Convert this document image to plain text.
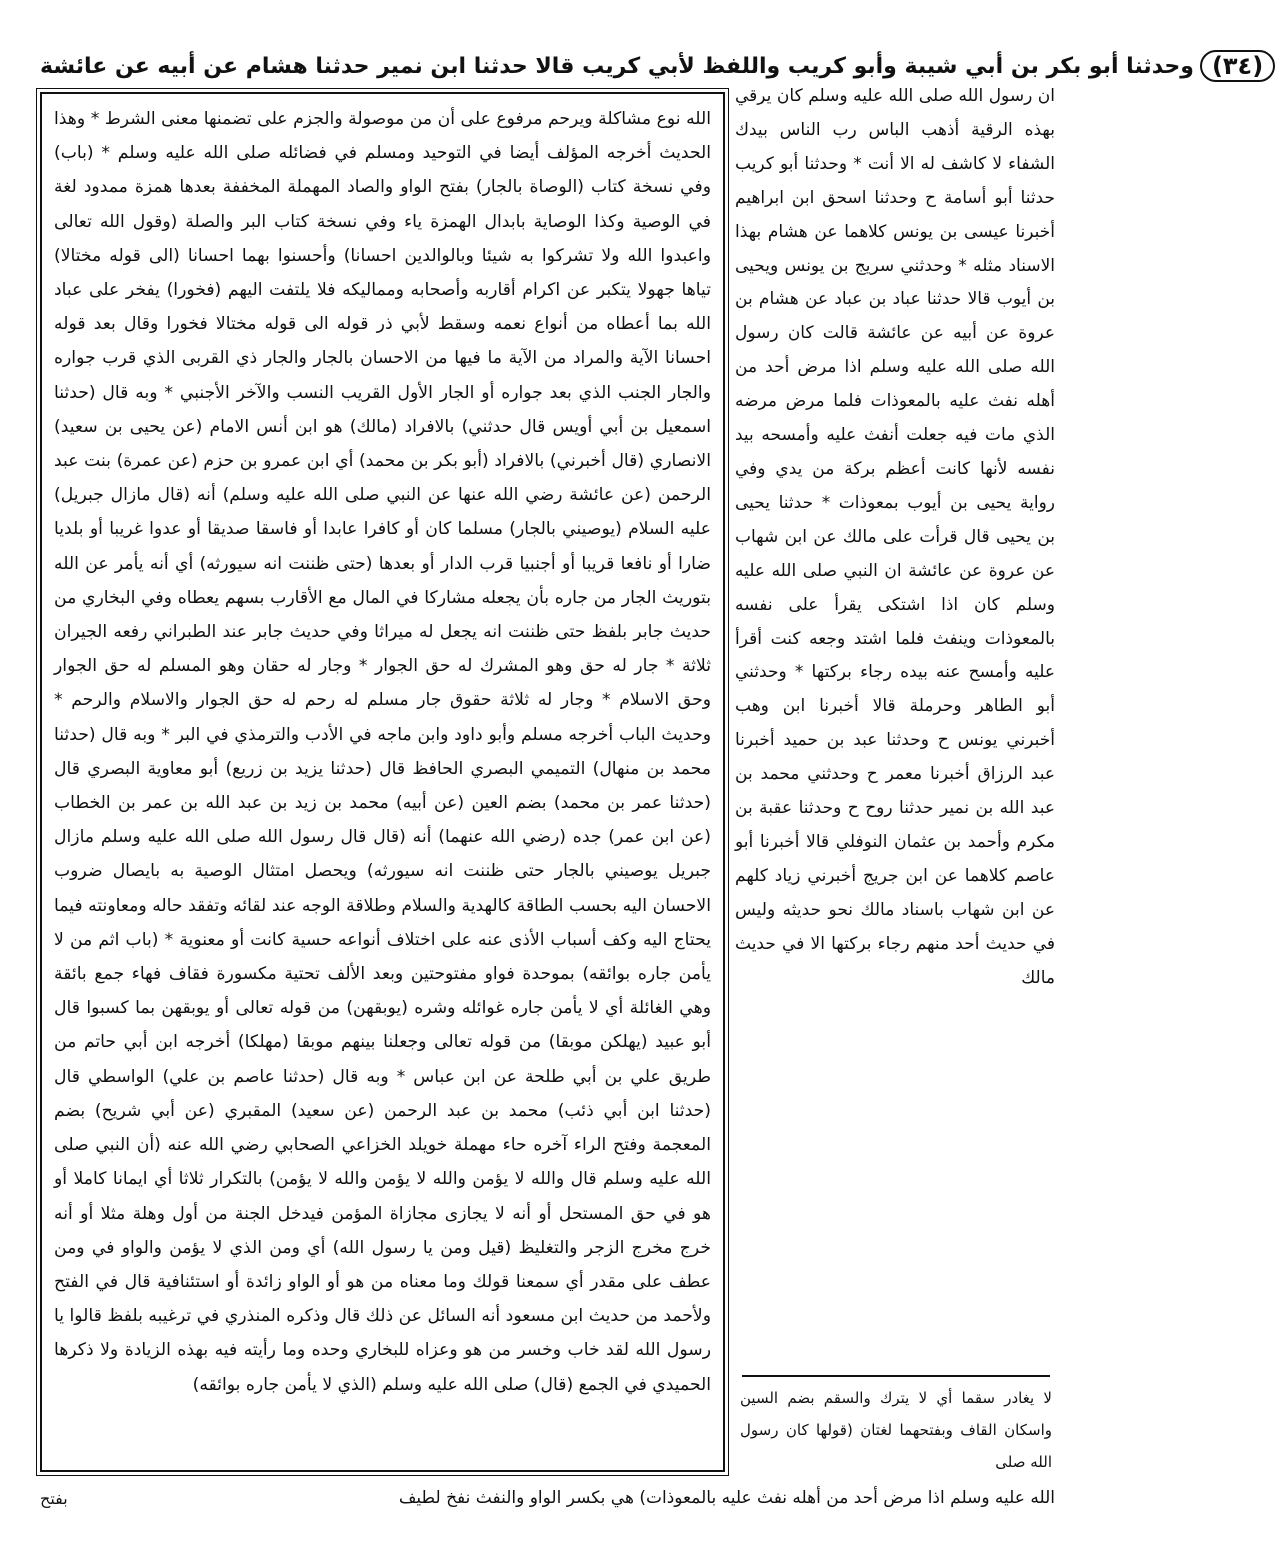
وحدثنا أبو بكر بن أبي شيبة وأبو كريب واللفظ لأبي كريب قالا حدثنا ابن نمير حدثنا هشام عن أبيه عن عائشة (٣٤)

الله نوع مشاكلة ويرحم مرفوع على أن من موصولة والجزم على تضمنها معنى الشرط * وهذا الحديث أخرجه المؤلف أيضا في التوحيد ومسلم في فضائله صلى الله عليه وسلم * (باب) وفي نسخة كتاب (الوصاة بالجار) بفتح الواو والصاد المهملة المخففة بعدها همزة ممدود لغة في الوصية وكذا الوصاية بابدال الهمزة ياء وفي نسخة كتاب البر والصلة (وقول الله تعالى واعبدوا الله ولا تشركوا به شيئا وبالوالدين احسانا) وأحسنوا بهما احسانا (الى قوله مختالا) تياها جهولا يتكبر عن اكرام أقاربه وأصحابه ومماليكه فلا يلتفت اليهم (فخورا) يفخر على عباد الله بما أعطاه من أنواع نعمه وسقط لأبي ذر قوله الى قوله مختالا فخورا وقال بعد قوله احسانا الآية والمراد من الآية ما فيها من الاحسان بالجار والجار ذي القربى الذي قرب جواره والجار الجنب الذي بعد جواره أو الجار الأول القريب النسب والآخر الأجنبي * وبه قال (حدثنا اسمعيل بن أبي أويس قال حدثني) بالافراد (مالك) هو ابن أنس الامام (عن يحيى بن سعيد) الانصاري (قال أخبرني) بالافراد (أبو بكر بن محمد) أي ابن عمرو بن حزم (عن عمرة) بنت عبد الرحمن (عن عائشة رضي الله عنها عن النبي صلى الله عليه وسلم) أنه (قال مازال جبريل) عليه السلام (يوصيني بالجار) مسلما كان أو كافرا عابدا أو فاسقا صديقا أو عدوا غريبا أو بلديا ضارا أو نافعا قريبا أو أجنبيا قرب الدار أو بعدها (حتى ظننت انه سيورثه) أي أنه يأمر عن الله بتوريث الجار من جاره بأن يجعله مشاركا في المال مع الأقارب بسهم يعطاه وفي البخاري من حديث جابر بلفظ حتى ظننت انه يجعل له ميراثا وفي حديث جابر عند الطبراني رفعه الجيران ثلاثة * جار له حق وهو المشرك له حق الجوار * وجار له حقان وهو المسلم له حق الجوار وحق الاسلام * وجار له ثلاثة حقوق جار مسلم له رحم له حق الجوار والاسلام والرحم * وحديث الباب أخرجه مسلم وأبو داود وابن ماجه في الأدب والترمذي في البر * وبه قال (حدثنا محمد بن منهال) التميمي البصري الحافظ قال (حدثنا يزيد بن زريع) أبو معاوية البصري قال (حدثنا عمر بن محمد) بضم العين (عن أبيه) محمد بن زيد بن عبد الله بن عمر بن الخطاب (عن ابن عمر) جده (رضي الله عنهما) أنه (قال قال رسول الله صلى الله عليه وسلم مازال جبريل يوصيني بالجار حتى ظننت انه سيورثه) ويحصل امتثال الوصية به بايصال ضروب الاحسان اليه بحسب الطاقة كالهدية والسلام وطلاقة الوجه عند لقائه وتفقد حاله ومعاونته فيما يحتاج اليه وكف أسباب الأذى عنه على اختلاف أنواعه حسية كانت أو معنوية * (باب اثم من لا يأمن جاره بوائقه) بموحدة فواو مفتوحتين وبعد الألف تحتية مكسورة فقاف فهاء جمع بائقة وهي الغائلة أي لا يأمن جاره غوائله وشره (يوبقهن) من قوله تعالى أو يوبقهن بما كسبوا قال أبو عبيد (يهلكن موبقا) من قوله تعالى وجعلنا بينهم موبقا (مهلكا) أخرجه ابن أبي حاتم من طريق علي بن أبي طلحة عن ابن عباس * وبه قال (حدثنا عاصم بن علي) الواسطي قال (حدثنا ابن أبي ذئب) محمد بن عبد الرحمن (عن سعيد) المقبري (عن أبي شريح) بضم المعجمة وفتح الراء آخره حاء مهملة خويلد الخزاعي الصحابي رضي الله عنه (أن النبي صلى الله عليه وسلم قال والله لا يؤمن والله لا يؤمن والله لا يؤمن) بالتكرار ثلاثا أي ايمانا كاملا أو هو في حق المستحل أو أنه لا يجازى مجازاة المؤمن فيدخل الجنة من أول وهلة مثلا أو أنه خرج مخرج الزجر والتغليظ (قيل ومن يا رسول الله) أي ومن الذي لا يؤمن والواو في ومن عطف على مقدر أي سمعنا قولك وما معناه من هو أو الواو زائدة أو استئنافية قال في الفتح ولأحمد من حديث ابن مسعود أنه السائل عن ذلك قال وذكره المنذري في ترغيبه بلفظ قالوا يا رسول الله لقد خاب وخسر من هو وعزاه للبخاري وحده وما رأيته فيه بهذه الزيادة ولا ذكرها الحميدي في الجمع (قال) صلى الله عليه وسلم (الذي لا يأمن جاره بوائقه)

ان رسول الله صلى الله عليه وسلم كان يرقي بهذه الرقية أذهب الباس رب الناس بيدك الشفاء لا كاشف له الا أنت * وحدثنا أبو كريب حدثنا أبو أسامة ح وحدثنا اسحق ابن ابراهيم أخبرنا عيسى بن يونس كلاهما عن هشام بهذا الاسناد مثله * وحدثني سريج بن يونس ويحيى بن أيوب قالا حدثنا عباد بن عباد عن هشام بن عروة عن أبيه عن عائشة قالت كان رسول الله صلى الله عليه وسلم اذا مرض أحد من أهله نفث عليه بالمعوذات فلما مرض مرضه الذي مات فيه جعلت أنفث عليه وأمسحه بيد نفسه لأنها كانت أعظم بركة من يدي وفي رواية يحيى بن أيوب بمعوذات * حدثنا يحيى بن يحيى قال قرأت على مالك عن ابن شهاب عن عروة عن عائشة ان النبي صلى الله عليه وسلم كان اذا اشتكى يقرأ على نفسه بالمعوذات وينفث فلما اشتد وجعه كنت أقرأ عليه وأمسح عنه بيده رجاء بركتها * وحدثني أبو الطاهر وحرملة قالا أخبرنا ابن وهب أخبرني يونس ح وحدثنا عبد بن حميد أخبرنا عبد الرزاق أخبرنا معمر ح وحدثني محمد بن عبد الله بن نمير حدثنا روح ح وحدثنا عقبة بن مكرم وأحمد بن عثمان النوفلي قالا أخبرنا أبو عاصم كلاهما عن ابن جريج أخبرني زياد كلهم عن ابن شهاب باسناد مالك نحو حديثه وليس في حديث أحد منهم رجاء بركتها الا في حديث مالك

لا يغادر سقما أي لا يترك والسقم بضم السين واسكان القاف وبفتحهما لغتان (قولها كان رسول الله صلى

الله عليه وسلم اذا مرض أحد من أهله نفث عليه بالمعوذات) هي بكسر الواو والنفث نفخ لطيف
بفتح
